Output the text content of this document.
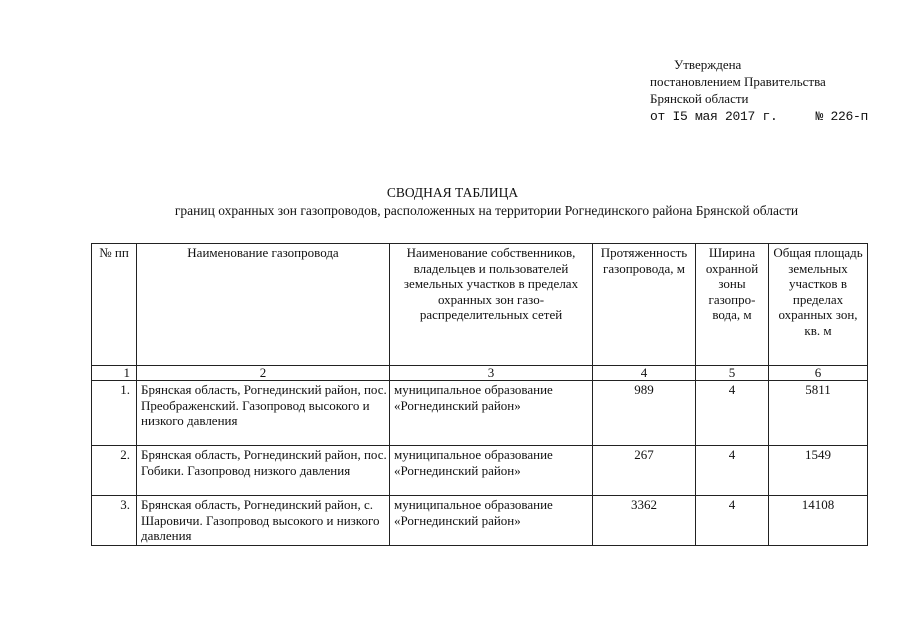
Утверждена
постановлением Правительства
Брянской области
от I5 мая 2017 г.	№ 226-п
СВОДНАЯ ТАБЛИЦА
границ охранных зон газопроводов, расположенных на территории Рогнединского района Брянской области
№ пп	Наименование газопровода	Наименование собственников, владельцев и пользователей земельных участков в пределах охранных зон газо-распределительных сетей	Протяженность газопровода, м	Ширина охранной зоны газопро-вода, м	Общая площадь земельных участков в пределах охранных зон, кв. м
1	2	3	4	5	6
1.	Брянская область, Рогнединский район, пос. Преображенский. Газопровод высокого и низкого давления	муниципальное образование «Рогнединский район»	989	4	5811
2.	Брянская область, Рогнединский район, пос. Гобики. Газопровод низкого давления	муниципальное образование «Рогнединский район»	267	4	1549
3.	Брянская область, Рогнединский район, с. Шаровичи. Газопровод высокого и низкого давления	муниципальное образование «Рогнединский район»	3362	4	14108
